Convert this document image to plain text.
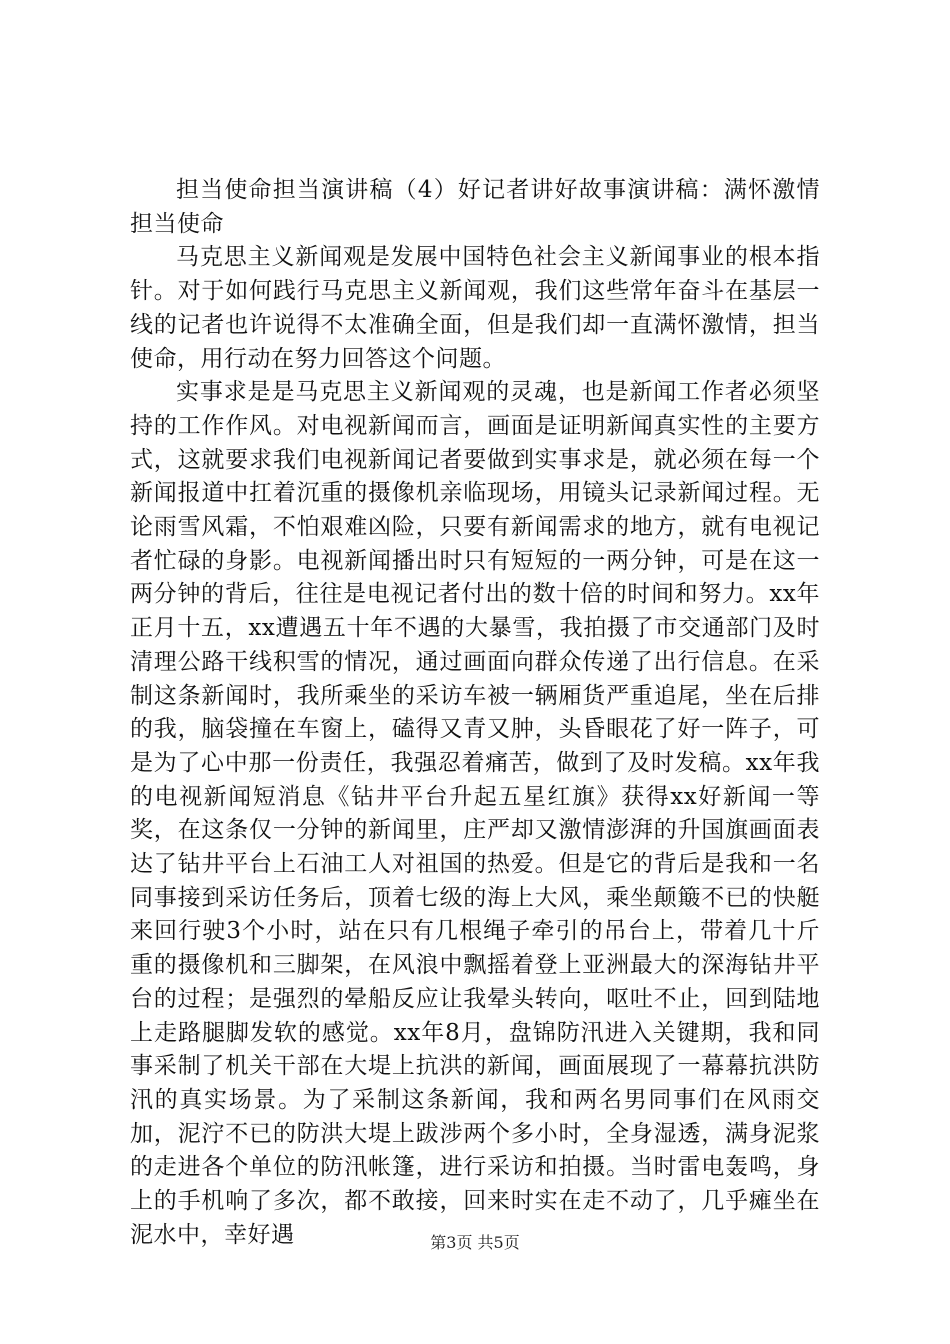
担当使命担当演讲稿（4）好记者讲好故事演讲稿：满怀激情担当使命

马克思主义新闻观是发展中国特色社会主义新闻事业的根本指针。对于如何践行马克思主义新闻观，我们这些常年奋斗在基层一线的记者也许说得不太准确全面，但是我们却一直满怀激情，担当使命，用行动在努力回答这个问题。

实事求是是马克思主义新闻观的灵魂，也是新闻工作者必须坚持的工作作风。对电视新闻而言，画面是证明新闻真实性的主要方式，这就要求我们电视新闻记者要做到实事求是，就必须在每一个新闻报道中扛着沉重的摄像机亲临现场，用镜头记录新闻过程。无论雨雪风霜，不怕艰难凶险，只要有新闻需求的地方，就有电视记者忙碌的身影。电视新闻播出时只有短短的一两分钟，可是在这一两分钟的背后，往往是电视记者付出的数十倍的时间和努力。xx年正月十五，xx遭遇五十年不遇的大暴雪，我拍摄了市交通部门及时清理公路干线积雪的情况，通过画面向群众传递了出行信息。在采制这条新闻时，我所乘坐的采访车被一辆厢货严重追尾，坐在后排的我，脑袋撞在车窗上，磕得又青又肿，头昏眼花了好一阵子，可是为了心中那一份责任，我强忍着痛苦，做到了及时发稿。xx年我的电视新闻短消息《钻井平台升起五星红旗》获得xx好新闻一等奖，在这条仅一分钟的新闻里，庄严却又激情澎湃的升国旗画面表达了钻井平台上石油工人对祖国的热爱。但是它的背后是我和一名同事接到采访任务后，顶着七级的海上大风，乘坐颠簸不已的快艇来回行驶3个小时，站在只有几根绳子牵引的吊台上，带着几十斤重的摄像机和三脚架，在风浪中飘摇着登上亚洲最大的深海钻井平台的过程；是强烈的晕船反应让我晕头转向，呕吐不止，回到陆地上走路腿脚发软的感觉。xx年8月，盘锦防汛进入关键期，我和同事采制了机关干部在大堤上抗洪的新闻，画面展现了一幕幕抗洪防汛的真实场景。为了采制这条新闻，我和两名男同事们在风雨交加，泥泞不已的防洪大堤上跋涉两个多小时，全身湿透，满身泥浆的走进各个单位的防汛帐篷，进行采访和拍摄。当时雷电轰鸣，身上的手机响了多次，都不敢接，回来时实在走不动了，几乎瘫坐在泥水中，幸好遇	第3页 共5页
